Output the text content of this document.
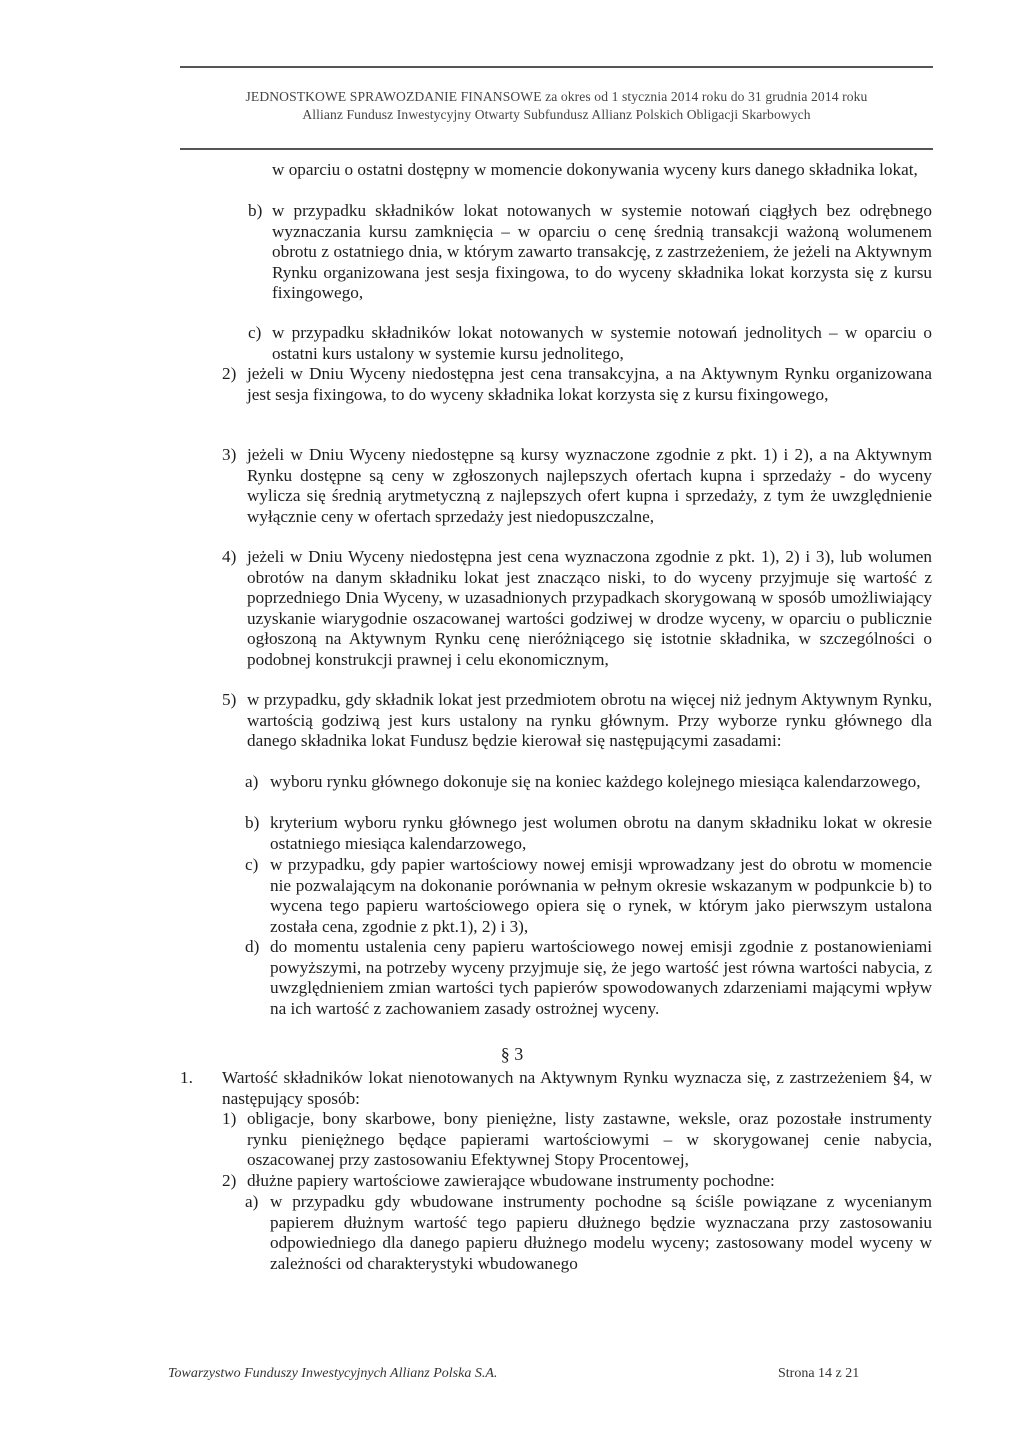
JEDNOSTKOWE SPRAWOZDANIE FINANSOWE za okres od 1 stycznia 2014 roku do 31 grudnia 2014 roku
Allianz Fundusz Inwestycyjny Otwarty Subfundusz Allianz Polskich Obligacji Skarbowych
w oparciu o ostatni dostępny w momencie dokonywania wyceny kurs danego składnika lokat,
b) w przypadku składników lokat notowanych w systemie notowań ciągłych bez odrębnego wyznaczania kursu zamknięcia – w oparciu o cenę średnią transakcji ważoną wolumenem obrotu z ostatniego dnia, w którym zawarto transakcję, z zastrzeżeniem, że jeżeli na Aktywnym Rynku organizowana jest sesja fixingowa, to do wyceny składnika lokat korzysta się z kursu fixingowego,
c) w przypadku składników lokat notowanych w systemie notowań jednolitych – w oparciu o ostatni kurs ustalony w systemie kursu jednolitego,
2) jeżeli w Dniu Wyceny niedostępna jest cena transakcyjna, a na Aktywnym Rynku organizowana jest sesja fixingowa, to do wyceny składnika lokat korzysta się z kursu fixingowego,
3) jeżeli w Dniu Wyceny niedostępne są kursy wyznaczone zgodnie z pkt. 1) i 2), a na Aktywnym Rynku dostępne są ceny w zgłoszonych najlepszych ofertach kupna i sprzedaży - do wyceny wylicza się średnią arytmetyczną z najlepszych ofert kupna i sprzedaży, z tym że uwzględnienie wyłącznie ceny w ofertach sprzedaży jest niedopuszczalne,
4) jeżeli w Dniu Wyceny niedostępna jest cena wyznaczona zgodnie z pkt. 1), 2) i 3), lub wolumen obrotów na danym składniku lokat jest znacząco niski, to do wyceny przyjmuje się wartość z poprzedniego Dnia Wyceny, w uzasadnionych przypadkach skorygowaną w sposób umożliwiający uzyskanie wiarygodnie oszacowanej wartości godziwej w drodze wyceny, w oparciu o publicznie ogłoszoną na Aktywnym Rynku cenę nieróżniącego się istotnie składnika, w szczególności o podobnej konstrukcji prawnej i celu ekonomicznym,
5) w przypadku, gdy składnik lokat jest przedmiotem obrotu na więcej niż jednym Aktywnym Rynku, wartością godziwą jest kurs ustalony na rynku głównym. Przy wyborze rynku głównego dla danego składnika lokat Fundusz będzie kierował się następującymi zasadami:
a) wyboru rynku głównego dokonuje się na koniec każdego kolejnego miesiąca kalendarzowego,
b) kryterium wyboru rynku głównego jest wolumen obrotu na danym składniku lokat w okresie ostatniego miesiąca kalendarzowego,
c) w przypadku, gdy papier wartościowy nowej emisji wprowadzany jest do obrotu w momencie nie pozwalającym na dokonanie porównania w pełnym okresie wskazanym w podpunkcie b) to wycena tego papieru wartościowego opiera się o rynek, w którym jako pierwszym ustalona została cena, zgodnie z pkt.1), 2) i 3),
d) do momentu ustalenia ceny papieru wartościowego nowej emisji zgodnie z postanowieniami powyższymi, na potrzeby wyceny przyjmuje się, że jego wartość jest równa wartości nabycia, z uwzględnieniem zmian wartości tych papierów spowodowanych zdarzeniami mającymi wpływ na ich wartość z zachowaniem zasady ostrożnej wyceny.
§ 3
1. Wartość składników lokat nienotowanych na Aktywnym Rynku wyznacza się, z zastrzeżeniem §4, w następujący sposób:
1) obligacje, bony skarbowe, bony pieniężne, listy zastawne, weksle, oraz pozostałe instrumenty rynku pieniężnego będące papierami wartościowymi – w skorygowanej cenie nabycia, oszacowanej przy zastosowaniu Efektywnej Stopy Procentowej,
2) dłużne papiery wartościowe zawierające wbudowane instrumenty pochodne:
a) w przypadku gdy wbudowane instrumenty pochodne są ściśle powiązane z wycenianym papierem dłużnym wartość tego papieru dłużnego będzie wyznaczana przy zastosowaniu odpowiedniego dla danego papieru dłużnego modelu wyceny; zastosowany model wyceny w zależności od charakterystyki wbudowanego
Towarzystwo Funduszy Inwestycyjnych Allianz Polska S.A.	Strona 14 z 21
